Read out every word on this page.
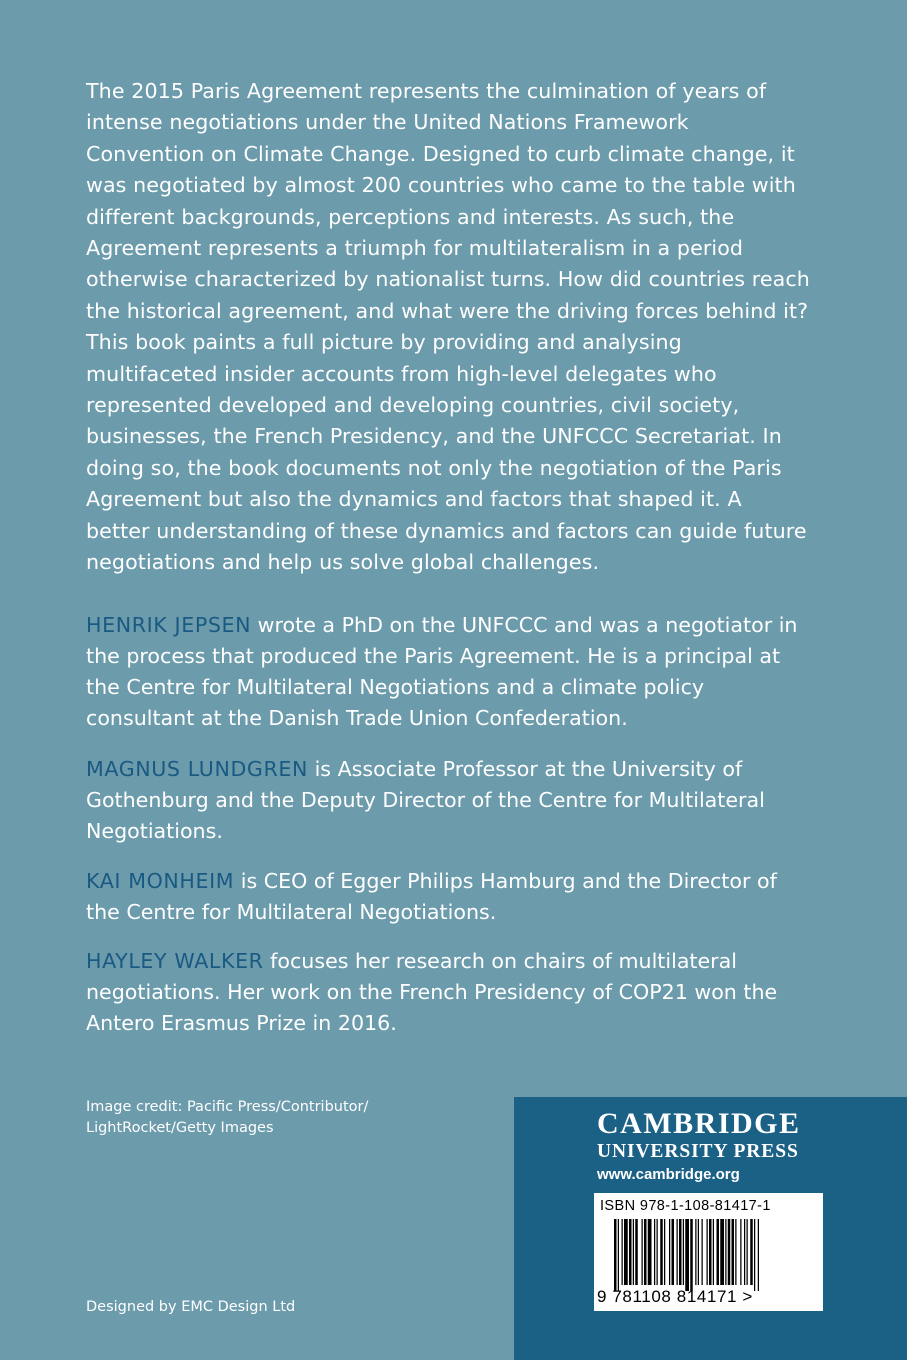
The 2015 Paris Agreement represents the culmination of years of intense negotiations under the United Nations Framework Convention on Climate Change. Designed to curb climate change, it was negotiated by almost 200 countries who came to the table with different backgrounds, perceptions and interests. As such, the Agreement represents a triumph for multilateralism in a period otherwise characterized by nationalist turns. How did countries reach the historical agreement, and what were the driving forces behind it? This book paints a full picture by providing and analysing multifaceted insider accounts from high-level delegates who represented developed and developing countries, civil society, businesses, the French Presidency, and the UNFCCC Secretariat. In doing so, the book documents not only the negotiation of the Paris Agreement but also the dynamics and factors that shaped it. A better understanding of these dynamics and factors can guide future negotiations and help us solve global challenges.

HENRIK JEPSEN wrote a PhD on the UNFCCC and was a negotiator in the process that produced the Paris Agreement. He is a principal at the Centre for Multilateral Negotiations and a climate policy consultant at the Danish Trade Union Confederation.

MAGNUS LUNDGREN is Associate Professor at the University of Gothenburg and the Deputy Director of the Centre for Multilateral Negotiations.

KAI MONHEIM is CEO of Egger Philips Hamburg and the Director of the Centre for Multilateral Negotiations.

HAYLEY WALKER focuses her research on chairs of multilateral negotiations. Her work on the French Presidency of COP21 won the Antero Erasmus Prize in 2016.

Image credit: Pacific Press/Contributor/ LightRocket/Getty Images

Designed by EMC Design Ltd

CAMBRIDGE
UNIVERSITY PRESS
www.cambridge.org
ISBN 978-1-108-81417-1
9 781108 814171 >
